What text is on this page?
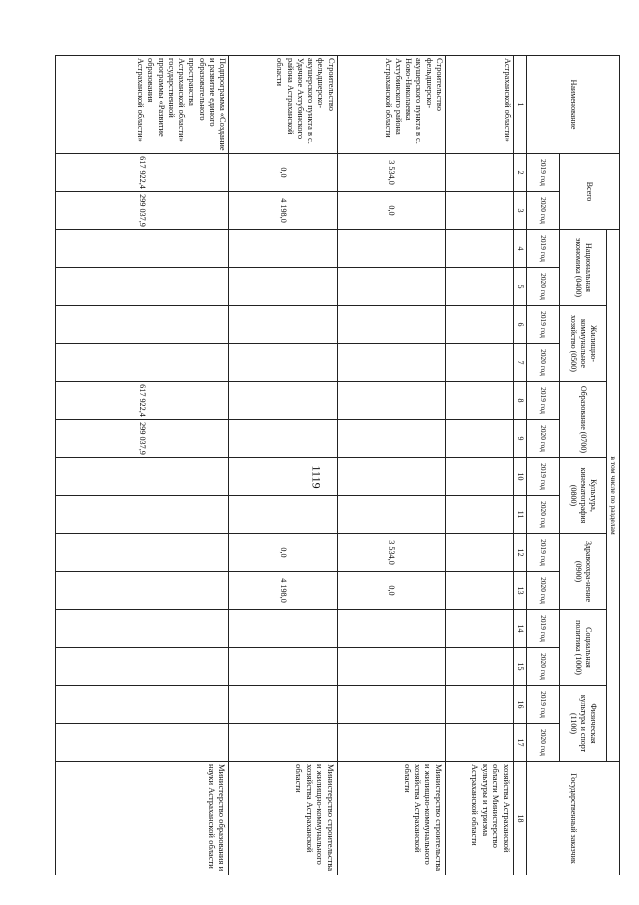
1119
Наименование	Всего		в том числе по разделам														Государственный заказчик
			Национальная экономика (0400)		Жилищно-коммунальное хозяйство (0500)		Образование (0700)		Культура, кинематография (0800)		Здравоохра-нение (0900)		Социальная политика (1000)		Физическая культура и спорт (1100)		
	2019 год	2020 год	2019 год	2020 год	2019 год	2020 год	2019 год	2020 год	2019 год	2020 год	2019 год	2020 год	2019 год	2020 год	2019 год	2020 год	
1	2	3	4	5	6	7	8	9	10	11	12	13	14	15	16	17	18
Астраханской области»																	хозяйства Астраханской области Министерство культуры и туризма Астраханской области
Строительство фельдшерско-акушерского пункта в с. Ново-Николаевка Ахтубинского района Астраханской области	3 534,0	0,0									3 534,0	0,0					Министерство строительства и жилищно-коммунального хозяйства Астраханской области
Строительство фельдшерско-акушерского пункта в с. Удачное Ахтубинского района Астраханской области	0,0	4 198,0									0,0	4 198,0					Министерство строительства и жилищно-коммунального хозяйства Астраханской области
Подпрограмма «Создание и развитие единого образовательного пространства Астраханской области» государственной программы «Развитие образования Астраханской области»	617 922,4	299 037,9					617 922,4	299 037,9									Министерство образования и науки Астраханской области
